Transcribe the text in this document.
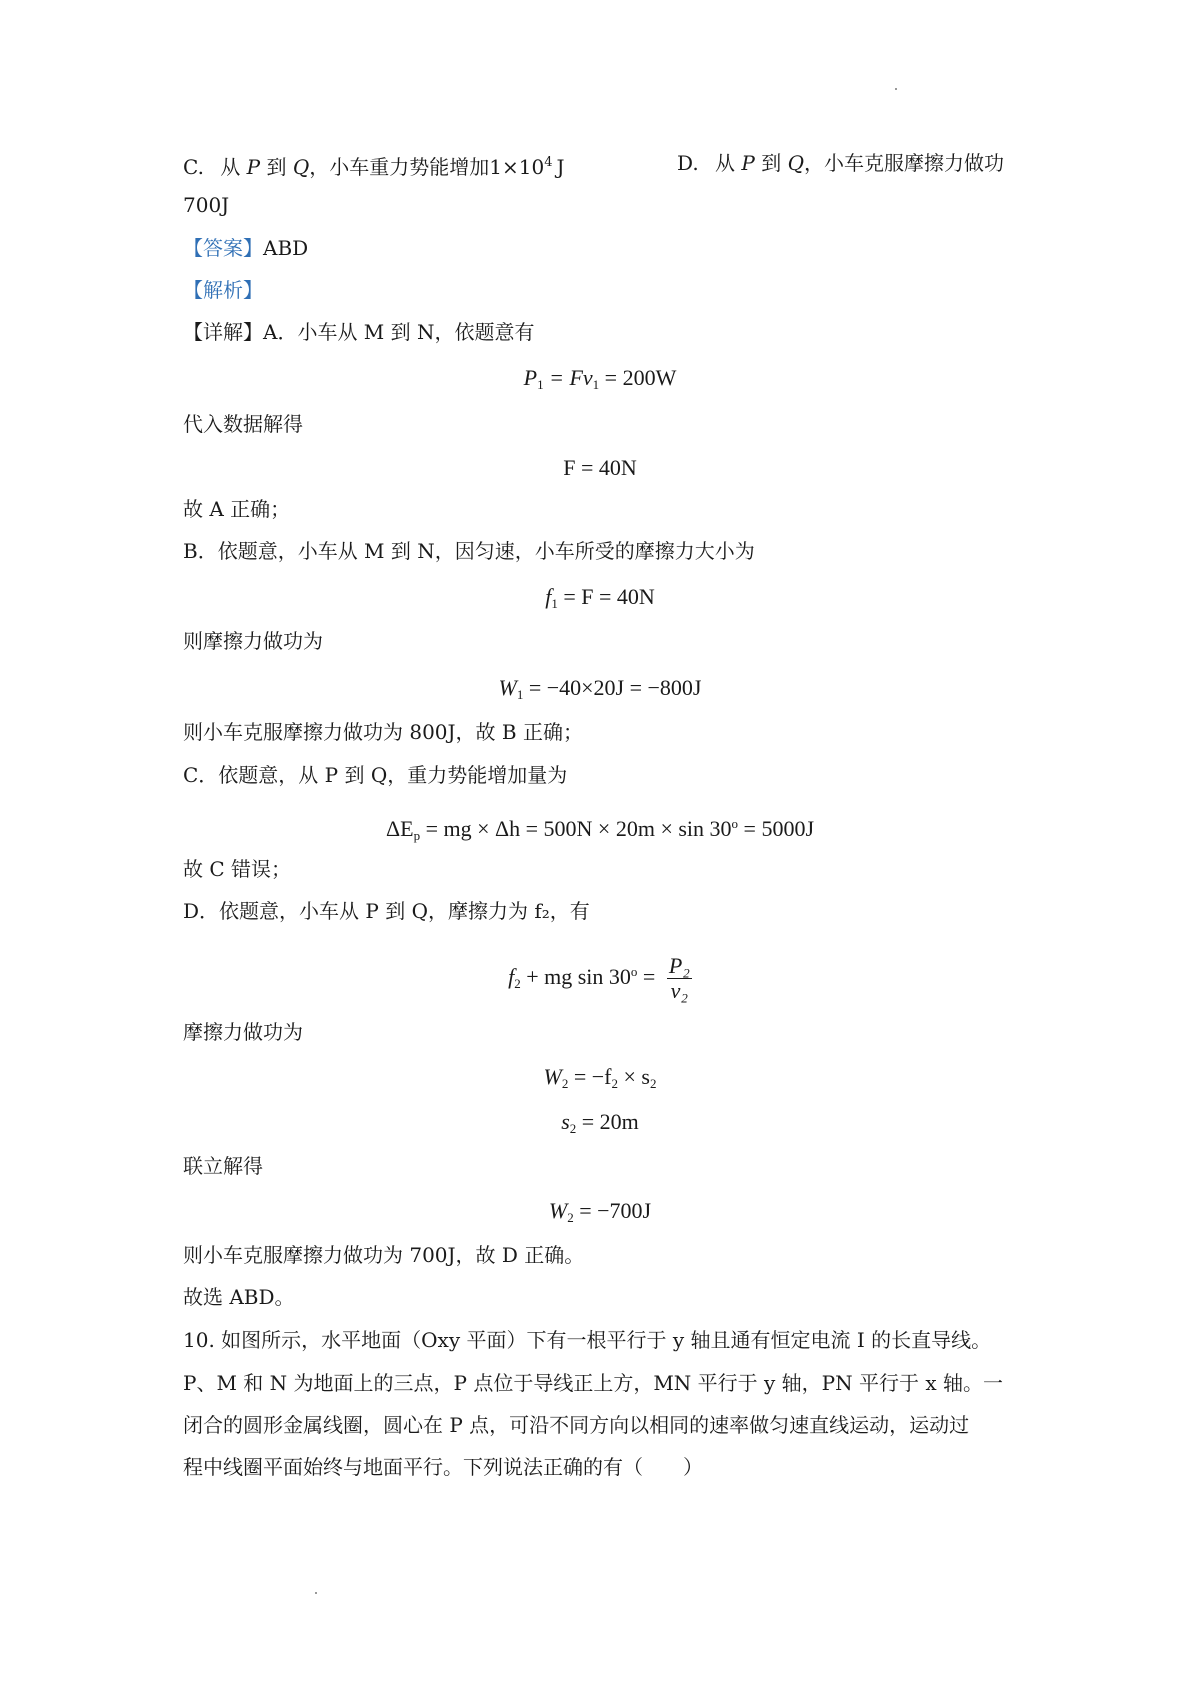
C. 从 P 到 Q，小车重力势能增加$1\times 10^4$ J	D. 从 P 到 Q，小车克服摩擦力做功
700J
【答案】ABD
【解析】
【详解】A．小车从 M 到 N，依题意有
$P_1 = Fv_1 = 200W$
代入数据解得
F = 40N
故 A 正确；
B．依题意，小车从 M 到 N，因匀速，小车所受的摩擦力大小为
$f_1 = F = 40N$
则摩擦力做功为
$W_1 = -40\times 20J = -800J$
则小车克服摩擦力做功为 800J，故 B 正确；
C．依题意，从 P 到 Q，重力势能增加量为
$\Delta E_p$ = mg × $\Delta h = 500N \times 20m \times \sin 30^o = 5000J$
故 C 错误；
D．依题意，小车从 P 到 Q，摩擦力为 f₂，有
$f_2$ + mg $\sin 30^o = \frac{\text{P₂}}{\text{v₂}}$
摩擦力做功为
$W_2 = -f_2 \times s_2$
$s_2 = 20m$
联立解得
$W_2 = -700J$
则小车克服摩擦力做功为 700J，故 D 正确。
故选 ABD。
10. 如图所示，水平地面（Oxy 平面）下有一根平行于 y 轴且通有恒定电流 I 的长直导线。
P、M 和 N 为地面上的三点，P 点位于导线正上方，MN 平行于 y 轴，PN 平行于 x 轴。一
闭合的圆形金属线圈，圆心在 P 点，可沿不同方向以相同的速率做匀速直线运动，运动过
程中线圈平面始终与地面平行。下列说法正确的有（　　）
